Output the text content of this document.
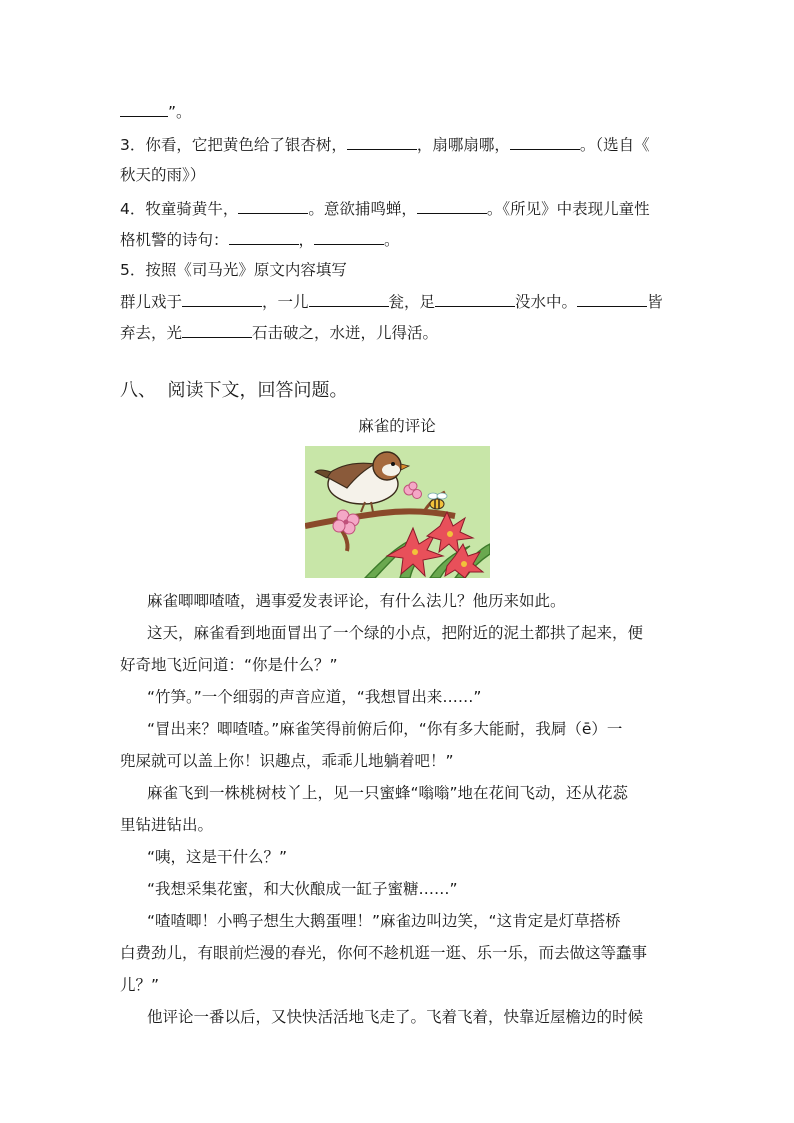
”。
3．你看，它把黄色给了银杏树，	，扇哪扇哪，	。（选自《
秋天的雨》）
4．牧童骑黄牛，	。意欲捕鸣蝉，	。《所见》中表现儿童性
格机警的诗句：	，	。
5．按照《司马光》原文内容填写
群儿戏于	，一儿	瓮，足	没水中。	皆
弃去，光	石击破之，水迸，儿得活。
八、 阅读下文，回答问题。
麻雀的评论
麻雀唧唧喳喳，遇事爱发表评论，有什么法儿？他历来如此。
这天，麻雀看到地面冒出了一个绿的小点，把附近的泥土都拱了起来，便
好奇地飞近问道：“你是什么？”
“竹笋。”一个细弱的声音应道，“我想冒出来……”
“冒出来？唧喳喳。”麻雀笑得前俯后仰，“你有多大能耐，我屙（ē）一
兜屎就可以盖上你！识趣点，乖乖儿地躺着吧！”
麻雀飞到一株桃树枝丫上，见一只蜜蜂“嗡嗡”地在花间飞动，还从花蕊
里钻进钻出。
“咦，这是干什么？”
“我想采集花蜜，和大伙酿成一缸子蜜糖……”
“喳喳唧！小鸭子想生大鹅蛋哩！”麻雀边叫边笑，“这肯定是灯草搭桥
白费劲儿，有眼前烂漫的春光，你何不趁机逛一逛、乐一乐，而去做这等蠢事
儿？”
他评论一番以后，又快快活活地飞走了。飞着飞着，快靠近屋檐边的时候
